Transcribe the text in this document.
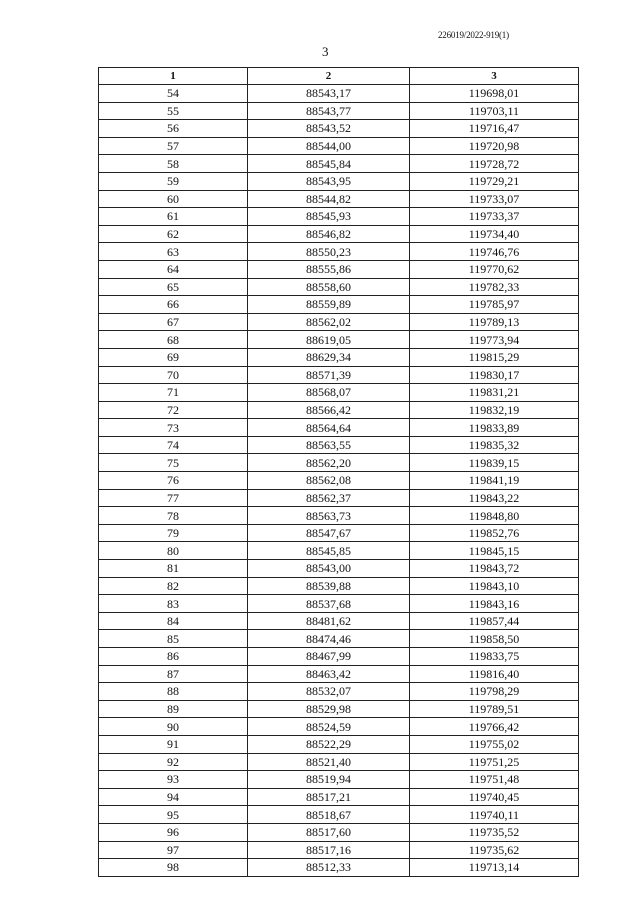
226019/2022-919(1)
3
1	2	3
54	88543,17	119698,01
55	88543,77	119703,11
56	88543,52	119716,47
57	88544,00	119720,98
58	88545,84	119728,72
59	88543,95	119729,21
60	88544,82	119733,07
61	88545,93	119733,37
62	88546,82	119734,40
63	88550,23	119746,76
64	88555,86	119770,62
65	88558,60	119782,33
66	88559,89	119785,97
67	88562,02	119789,13
68	88619,05	119773,94
69	88629,34	119815,29
70	88571,39	119830,17
71	88568,07	119831,21
72	88566,42	119832,19
73	88564,64	119833,89
74	88563,55	119835,32
75	88562,20	119839,15
76	88562,08	119841,19
77	88562,37	119843,22
78	88563,73	119848,80
79	88547,67	119852,76
80	88545,85	119845,15
81	88543,00	119843,72
82	88539,88	119843,10
83	88537,68	119843,16
84	88481,62	119857,44
85	88474,46	119858,50
86	88467,99	119833,75
87	88463,42	119816,40
88	88532,07	119798,29
89	88529,98	119789,51
90	88524,59	119766,42
91	88522,29	119755,02
92	88521,40	119751,25
93	88519,94	119751,48
94	88517,21	119740,45
95	88518,67	119740,11
96	88517,60	119735,52
97	88517,16	119735,62
98	88512,33	119713,14
